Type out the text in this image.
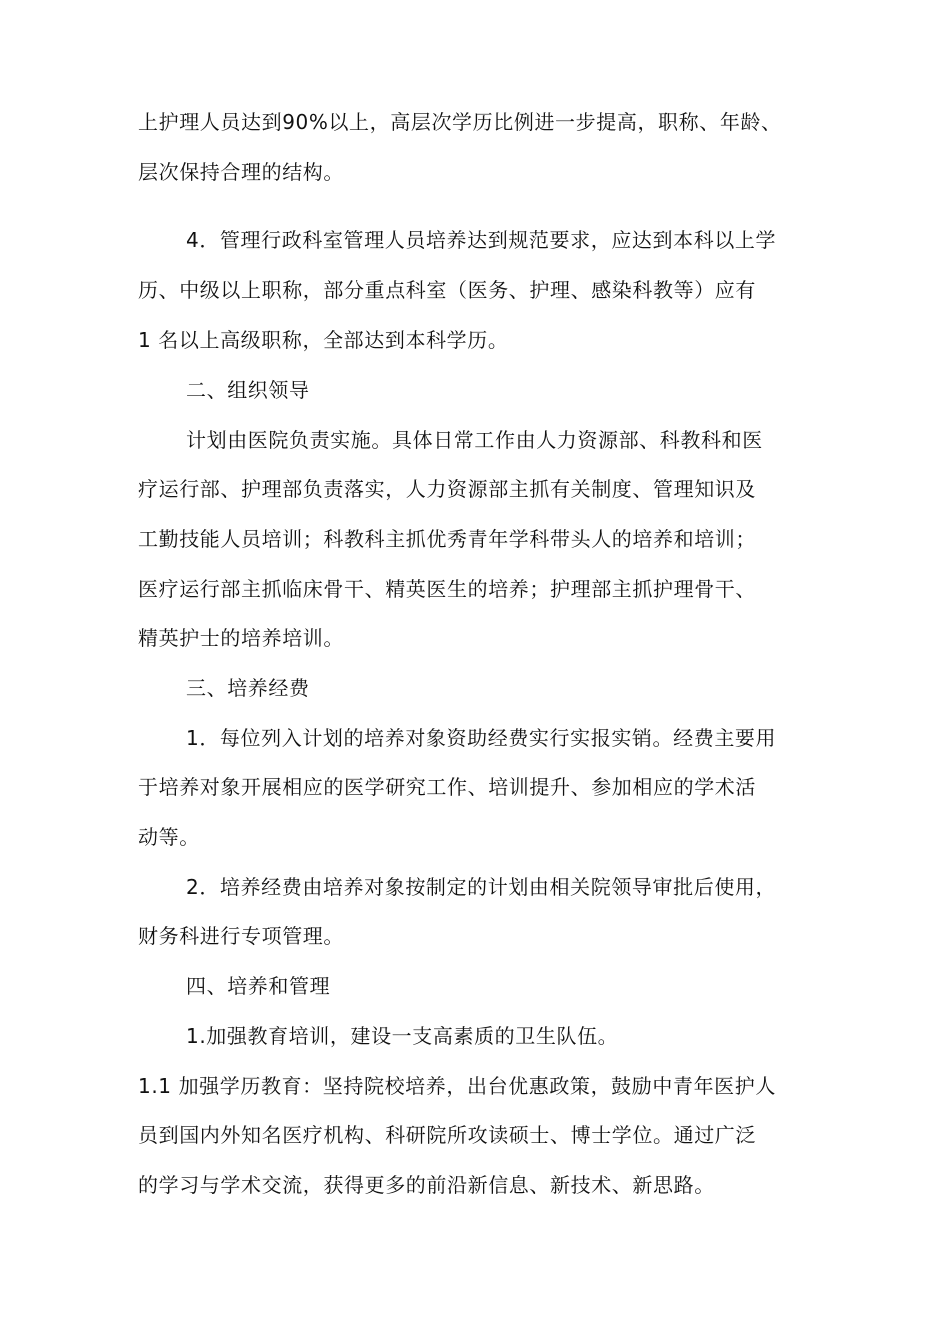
上护理人员达到90%以上，高层次学历比例进一步提高，职称、年龄、
层次保持合理的结构。
4．管理行政科室管理人员培养达到规范要求，应达到本科以上学
历、中级以上职称，部分重点科室（医务、护理、感染科教等）应有
1 名以上高级职称，全部达到本科学历。
二、组织领导
计划由医院负责实施。具体日常工作由人力资源部、科教科和医
疗运行部、护理部负责落实，人力资源部主抓有关制度、管理知识及
工勤技能人员培训；科教科主抓优秀青年学科带头人的培养和培训；
医疗运行部主抓临床骨干、精英医生的培养；护理部主抓护理骨干、
精英护士的培养培训。
三、培养经费
1．每位列入计划的培养对象资助经费实行实报实销。经费主要用
于培养对象开展相应的医学研究工作、培训提升、参加相应的学术活
动等。
2．培养经费由培养对象按制定的计划由相关院领导审批后使用，
财务科进行专项管理。
四、培养和管理
1.加强教育培训，建设一支高素质的卫生队伍。
1.1 加强学历教育：坚持院校培养，出台优惠政策，鼓励中青年医护人
员到国内外知名医疗机构、科研院所攻读硕士、博士学位。通过广泛
的学习与学术交流，获得更多的前沿新信息、新技术、新思路。
